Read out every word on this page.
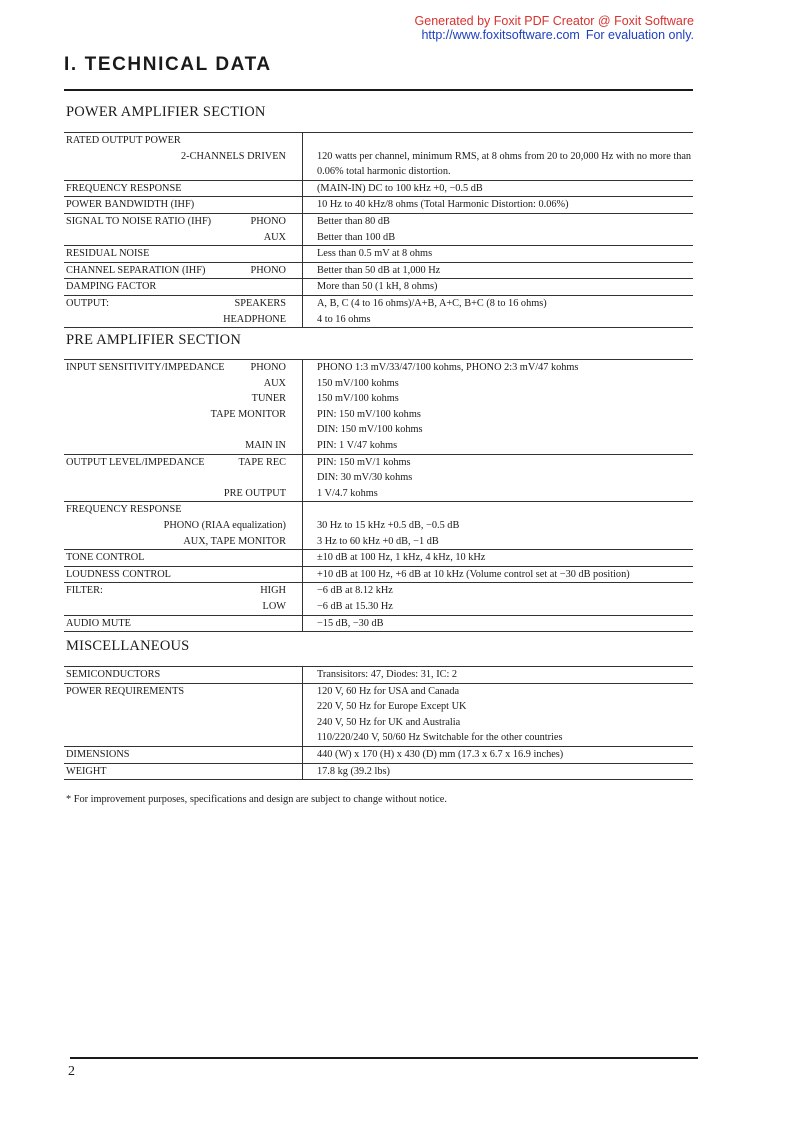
Generated by Foxit PDF Creator @ Foxit Software
http://www.foxitsoftware.com For evaluation only.
I. TECHNICAL DATA
POWER AMPLIFIER SECTION
RATED OUTPUT POWER	

2-CHANNELS DRIVEN	120 watts per channel, minimum RMS, at 8 ohms from 20 to 20,000 Hz with no more than 0.06% total harmonic distortion.

FREQUENCY RESPONSE	(MAIN-IN) DC to 100 kHz +0, −0.5 dB

POWER BANDWIDTH (IHF)	10 Hz to 40 kHz/8 ohms (Total Harmonic Distortion: 0.06%)

SIGNAL TO NOISE RATIO (IHF) PHONO	Better than 80 dB

AUX	Better than 100 dB

RESIDUAL NOISE	Less than 0.5 mV at 8 ohms

CHANNEL SEPARATION (IHF) PHONO	Better than 50 dB at 1,000 Hz

DAMPING FACTOR	More than 50 (1 kH, 8 ohms)

OUTPUT: SPEAKERS	A, B, C (4 to 16 ohms)/A+B, A+C, B+C (8 to 16 ohms)

HEADPHONE	4 to 16 ohms
PRE AMPLIFIER SECTION
INPUT SENSITIVITY/IMPEDANCE PHONO	PHONO 1:3 mV/33/47/100 kohms, PHONO 2:3 mV/47 kohms

AUX	150 mV/100 kohms

TUNER	150 mV/100 kohms

TAPE MONITOR	PIN: 150 mV/100 kohms

	DIN: 150 mV/100 kohms

MAIN IN	PIN: 1 V/47 kohms

OUTPUT LEVEL/IMPEDANCE TAPE REC	PIN: 150 mV/1 kohms

	DIN: 30 mV/30 kohms

PRE OUTPUT	1 V/4.7 kohms

FREQUENCY RESPONSE	

PHONO (RIAA equalization)	30 Hz to 15 kHz +0.5 dB, −0.5 dB

AUX, TAPE MONITOR	3 Hz to 60 kHz +0 dB, −1 dB

TONE CONTROL	±10 dB at 100 Hz, 1 kHz, 4 kHz, 10 kHz

LOUDNESS CONTROL	+10 dB at 100 Hz, +6 dB at 10 kHz (Volume control set at −30 dB position)

FILTER: HIGH	−6 dB at 8.12 kHz

LOW	−6 dB at 15.30 Hz

AUDIO MUTE	−15 dB, −30 dB
MISCELLANEOUS
SEMICONDUCTORS	Transisitors: 47, Diodes: 31, IC: 2

POWER REQUIREMENTS	120 V, 60 Hz for USA and Canada

	220 V, 50 Hz for Europe Except UK

	240 V, 50 Hz for UK and Australia

	110/220/240 V, 50/60 Hz Switchable for the other countries

DIMENSIONS	440 (W) x 170 (H) x 430 (D) mm (17.3 x 6.7 x 16.9 inches)

WEIGHT	17.8 kg (39.2 lbs)
* For improvement purposes, specifications and design are subject to change without notice.
2
